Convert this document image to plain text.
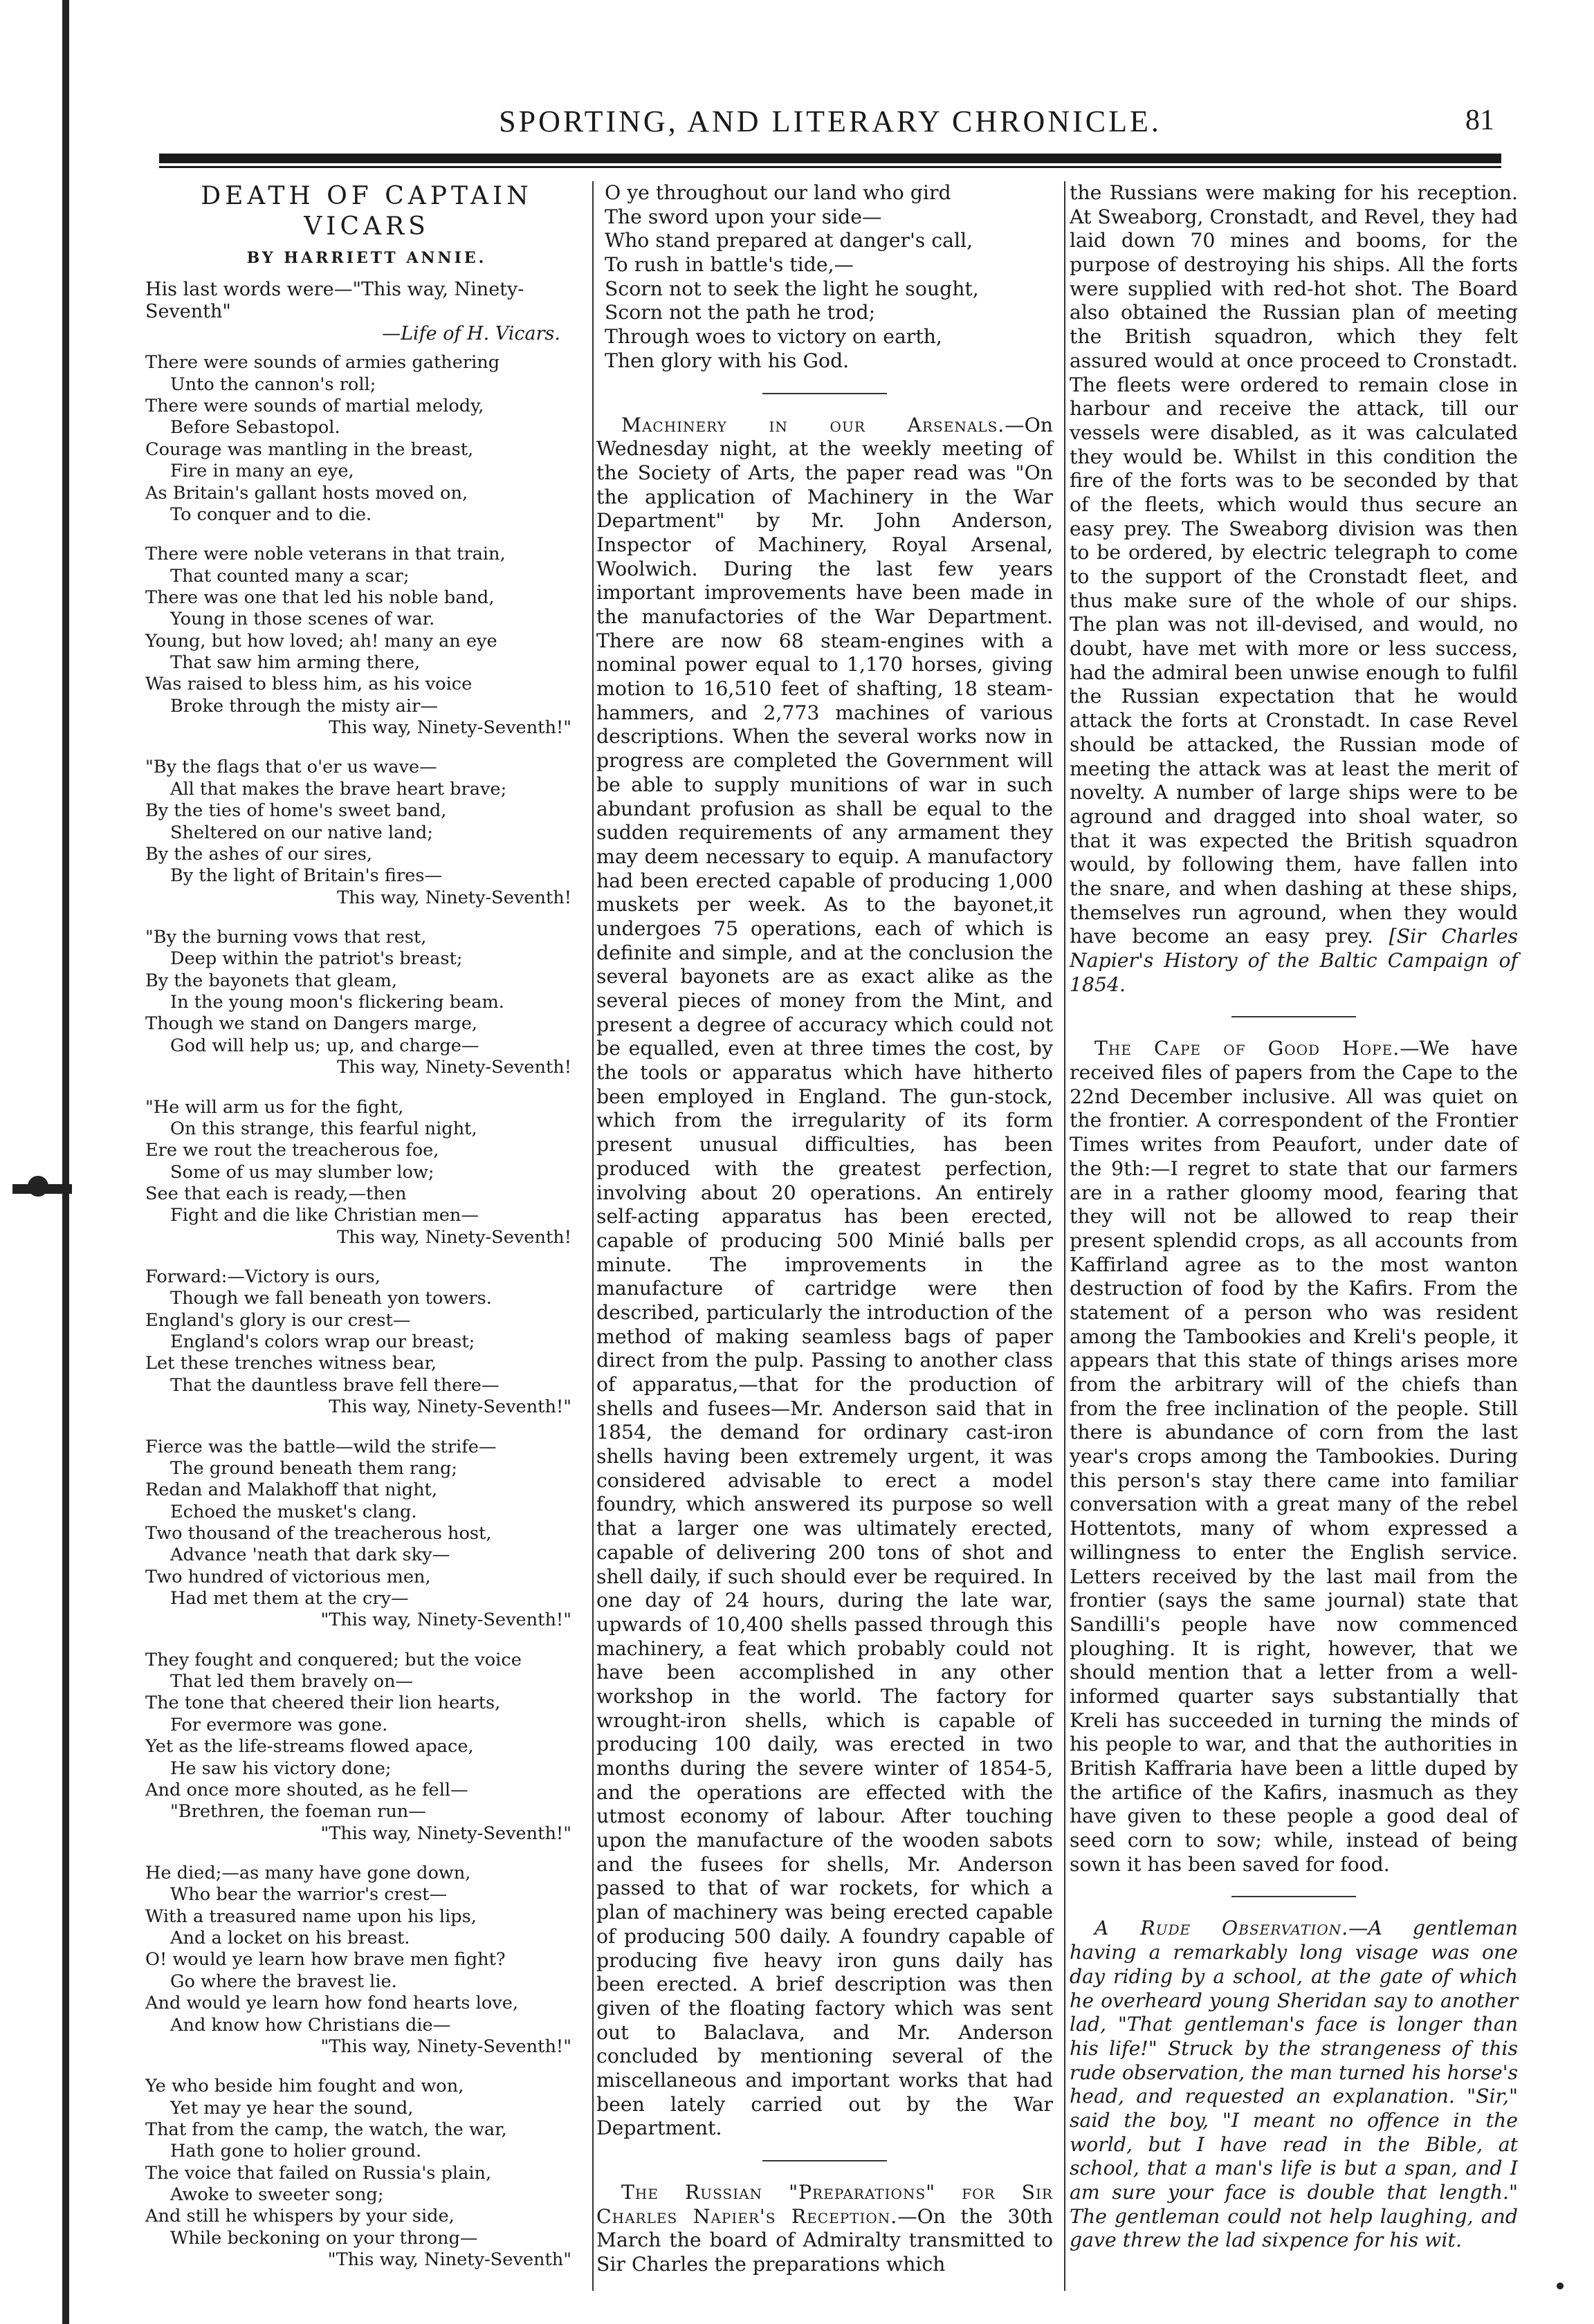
SPORTING, AND LITERARY CHRONICLE.	81
DEATH OF CAPTAIN VICARS
BY HARRIETT ANNIE.
His last words were—"This way, Ninety-Seventh"
—Life of H. Vicars.
There were sounds of armies gathering
Unto the cannon's roll;
There were sounds of martial melody,
Before Sebastopol.
Courage was mantling in the breast,
Fire in many an eye,
As Britain's gallant hosts moved on,
To conquer and to die.
There were noble veterans in that train,
That counted many a scar;
There was one that led his noble band,
Young in those scenes of war.
Young, but how loved; ah! many an eye
That saw him arming there,
Was raised to bless him, as his voice
Broke through the misty air—
This way, Ninety-Seventh!"
"By the flags that o'er us wave—
All that makes the brave heart brave;
By the ties of home's sweet band,
Sheltered on our native land;
By the ashes of our sires,
By the light of Britain's fires—
This way, Ninety-Seventh!
"By the burning vows that rest,
Deep within the patriot's breast;
By the bayonets that gleam,
In the young moon's flickering beam.
Though we stand on Dangers marge,
God will help us; up, and charge—
This way, Ninety-Seventh!
"He will arm us for the fight,
On this strange, this fearful night,
Ere we rout the treacherous foe,
Some of us may slumber low;
See that each is ready,—then
Fight and die like Christian men—
This way, Ninety-Seventh!
Forward:—Victory is ours,
Though we fall beneath yon towers.
England's glory is our crest—
England's colors wrap our breast;
Let these trenches witness bear,
That the dauntless brave fell there—
This way, Ninety-Seventh!"
Fierce was the battle—wild the strife—
The ground beneath them rang;
Redan and Malakhoff that night,
Echoed the musket's clang.
Two thousand of the treacherous host,
Advance 'neath that dark sky—
Two hundred of victorious men,
Had met them at the cry—
"This way, Ninety-Seventh!"
They fought and conquered; but the voice
That led them bravely on—
The tone that cheered their lion hearts,
For evermore was gone.
Yet as the life-streams flowed apace,
He saw his victory done;
And once more shouted, as he fell—
"Brethren, the foeman run—
"This way, Ninety-Seventh!"
He died;—as many have gone down,
Who bear the warrior's crest—
With a treasured name upon his lips,
And a locket on his breast.
O! would ye learn how brave men fight?
Go where the bravest lie.
And would ye learn how fond hearts love,
And know how Christians die—
"This way, Ninety-Seventh!"
Ye who beside him fought and won,
Yet may ye hear the sound,
That from the camp, the watch, the war,
Hath gone to holier ground.
The voice that failed on Russia's plain,
Awoke to sweeter song;
And still he whispers by your side,
While beckoning on your throng—
"This way, Ninety-Seventh"
O ye throughout our land who gird
The sword upon your side—
Who stand prepared at danger's call,
To rush in battle's tide,—
Scorn not to seek the light he sought,
Scorn not the path he trod;
Through woes to victory on earth,
Then glory with his God.

Machinery in our Arsenals.—On Wednesday night, at the weekly meeting of the Society of Arts, the paper read was "On the application of Machinery in the War Department" by Mr. John Anderson, Inspector of Machinery, Royal Arsenal, Woolwich. During the last few years important improvements have been made in the manufactories of the War Department. There are now 68 steam-engines with a nominal power equal to 1,170 horses, giving motion to 16,510 feet of shafting, 18 steam-hammers, and 2,773 machines of various descriptions. When the several works now in progress are completed the Government will be able to supply munitions of war in such abundant profusion as shall be equal to the sudden requirements of any armament they may deem necessary to equip. A manufactory had been erected capable of producing 1,000 muskets per week. As to the bayonet,it undergoes 75 operations, each of which is definite and simple, and at the conclusion the several bayonets are as exact alike as the several pieces of money from the Mint, and present a degree of accuracy which could not be equalled, even at three times the cost, by the tools or apparatus which have hitherto been employed in England. The gun-stock, which from the irregularity of its form present unusual difficulties, has been produced with the greatest perfection, involving about 20 operations. An entirely self-acting apparatus has been erected, capable of producing 500 Minié balls per minute. The improvements in the manufacture of cartridge were then described, particularly the introduction of the method of making seamless bags of paper direct from the pulp. Passing to another class of apparatus,—that for the production of shells and fusees—Mr. Anderson said that in 1854, the demand for ordinary cast-iron shells having been extremely urgent, it was considered advisable to erect a model foundry, which answered its purpose so well that a larger one was ultimately erected, capable of delivering 200 tons of shot and shell daily, if such should ever be required. In one day of 24 hours, during the late war, upwards of 10,400 shells passed through this machinery, a feat which probably could not have been accomplished in any other workshop in the world. The factory for wrought-iron shells, which is capable of producing 100 daily, was erected in two months during the severe winter of 1854-5, and the operations are effected with the utmost economy of labour. After touching upon the manufacture of the wooden sabots and the fusees for shells, Mr. Anderson passed to that of war rockets, for which a plan of machinery was being erected capable of producing 500 daily. A foundry capable of producing five heavy iron guns daily has been erected. A brief description was then given of the floating factory which was sent out to Balaclava, and Mr. Anderson concluded by mentioning several of the miscellaneous and important works that had been lately carried out by the War Department.

The Russian "Preparations" for Sir Charles Napier's Reception.—On the 30th March the board of Admiralty transmitted to Sir Charles the preparations which

the Russians were making for his reception. At Sweaborg, Cronstadt, and Revel, they had laid down 70 mines and booms, for the purpose of destroying his ships. All the forts were supplied with red-hot shot. The Board also obtained the Russian plan of meeting the British squadron, which they felt assured would at once proceed to Cronstadt. The fleets were ordered to remain close in harbour and receive the attack, till our vessels were disabled, as it was calculated they would be. Whilst in this condition the fire of the forts was to be seconded by that of the fleets, which would thus secure an easy prey. The Sweaborg division was then to be ordered, by electric telegraph to come to the support of the Cronstadt fleet, and thus make sure of the whole of our ships. The plan was not ill-devised, and would, no doubt, have met with more or less success, had the admiral been unwise enough to fulfil the Russian expectation that he would attack the forts at Cronstadt. In case Revel should be attacked, the Russian mode of meeting the attack was at least the merit of novelty. A number of large ships were to be aground and dragged into shoal water, so that it was expected the British squadron would, by following them, have fallen into the snare, and when dashing at these ships, themselves run aground, when they would have become an easy prey. [Sir Charles Napier's History of the Baltic Campaign of 1854.

The Cape of Good Hope.—We have received files of papers from the Cape to the 22nd December inclusive. All was quiet on the frontier. A correspondent of the Frontier Times writes from Peaufort, under date of the 9th:—I regret to state that our farmers are in a rather gloomy mood, fearing that they will not be allowed to reap their present splendid crops, as all accounts from Kaffirland agree as to the most wanton destruction of food by the Kafirs. From the statement of a person who was resident among the Tambookies and Kreli's people, it appears that this state of things arises more from the arbitrary will of the chiefs than from the free inclination of the people. Still there is abundance of corn from the last year's crops among the Tambookies. During this person's stay there came into familiar conversation with a great many of the rebel Hottentots, many of whom expressed a willingness to enter the English service. Letters received by the last mail from the frontier (says the same journal) state that Sandilli's people have now commenced ploughing. It is right, however, that we should mention that a letter from a well-informed quarter says substantially that Kreli has succeeded in turning the minds of his people to war, and that the authorities in British Kaffraria have been a little duped by the artifice of the Kafirs, inasmuch as they have given to these people a good deal of seed corn to sow; while, instead of being sown it has been saved for food.

A Rude Observation.—A gentleman having a remarkably long visage was one day riding by a school, at the gate of which he overheard young Sheridan say to another lad, "That gentleman's face is longer than his life!" Struck by the strangeness of this rude observation, the man turned his horse's head, and requested an explanation. "Sir," said the boy, "I meant no offence in the world, but I have read in the Bible, at school, that a man's life is but a span, and I am sure your face is double that length." The gentleman could not help laughing, and gave threw the lad sixpence for his wit.
